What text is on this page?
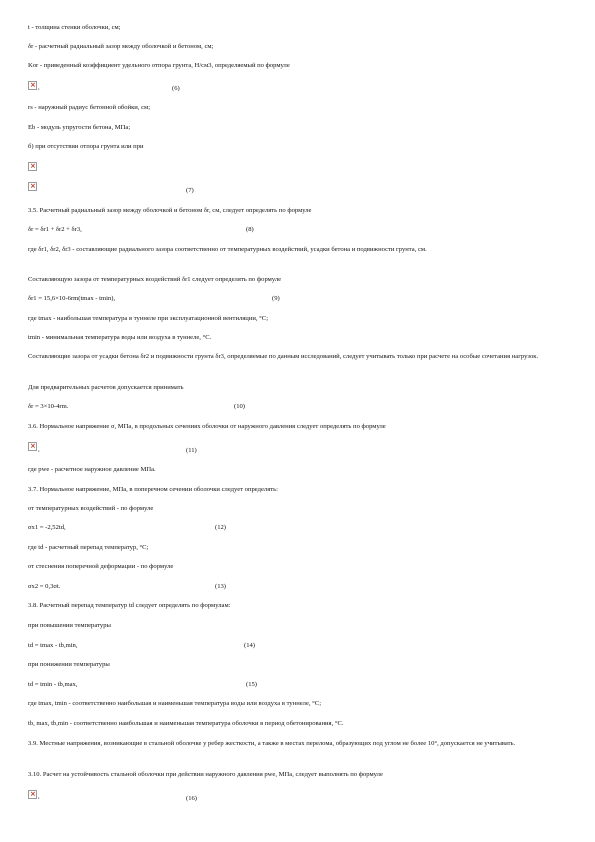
t - толщина стенки оболочки, см;
δr - расчетный радиальный зазор между оболочкой и бетоном, см;
Kor - приведенный коэффициент удельного отпора грунта, Н/см3, определяемый по формуле
× ,	(6)
rs - наружный радиус бетонной обойки, см;
Eb - модуль упругости бетона, МПа;
б) при отсутствии отпора грунта или при
×
×
(7)
3.5. Расчетный радиальный зазор между оболочкой и бетоном δr, см, следует определять по формуле
δr = δr1 + δr2 + δr3,	(8)
где δr1, δr2, δr3 - составляющие радиального зазора соответственно от температурных воздействий, усадки бетона и подвижности грунта, см.
Составляющую зазора от температурных воздействий δr1 следует определять по формуле
δr1 = 15,6×10-6rm(tmax - tmin),	(9)
где tmax - наибольшая температура в туннеле при эксплуатационной вентиляции, °С;
tmin - минимальная температура воды или воздуха в туннеле, °С.
Составляющие зазора от усадки бетона δr2 и подвижности грунта δr3, определяемые по данным исследований, следует учитывать только при расчете на особые сочетания нагрузок.
Для предварительных расчетов допускается принимать
δr = 3×10-4rm.	(10)
3.6. Нормальное напряжение σ, МПа, в продольных сечениях оболочки от наружного давления следует определять по формуле
× ,	(11)
где pwe - расчетное наружное давление МПа.
3.7. Нормальное напряжение, МПа, в поперечном сечении оболочки следует определять:
от температурных воздействий - по формуле
σx1 = -2,52td,	(12)
где td - расчетный перепад температур, °С;
от стеснения поперечной деформации - по формуле
σx2 = 0,3σt.	(13)
3.8. Расчетный перепад температур td следует определять по формулам:
при повышении температуры
td = tmax - tb,min,	(14)
при понижении температуры
td = tmin - tb,max,	(15)
где tmax, tmin - соответственно наибольшая и наименьшая температура воды или воздуха в туннеле, °С;
tb, max, tb,min - соответственно наибольшая и наименьшая температура оболочки в период обетонирования, °С.
3.9. Местные напряжения, возникающие в стальной оболочке у ребер жесткости, а также в местах перелома, образующих под углом не более 10°, допускается не учитывать.
3.10. Расчет на устойчивость стальной оболочки при действии наружного давления pwe, МПа, следует выполнять по формуле
× ,	(16)
